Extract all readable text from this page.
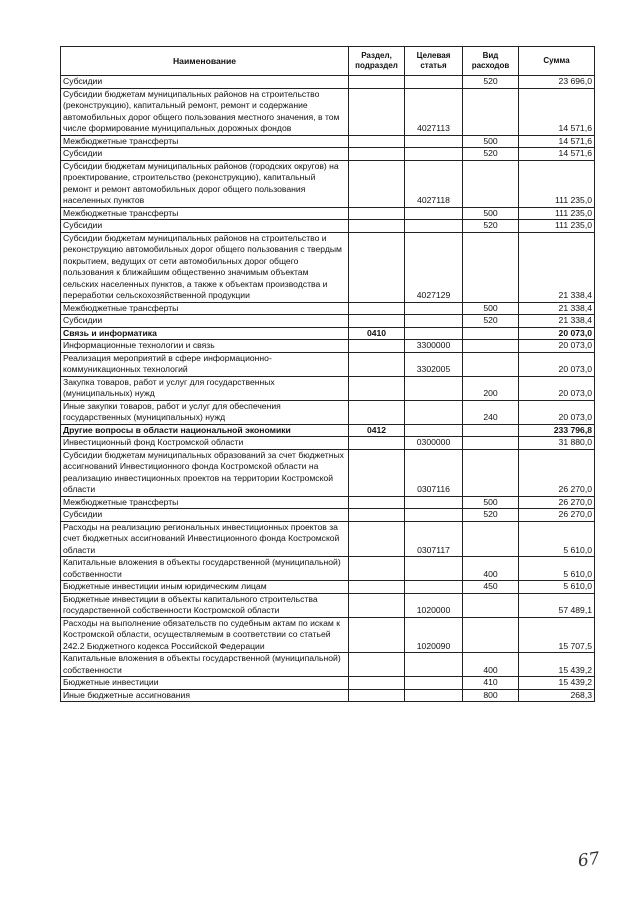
Наименование	Раздел, подраздел	Целевая статья	Вид расходов	Сумма
Субсидии			520	23 696,0
Субсидии бюджетам муниципальных районов на строительство (реконструкцию), капитальный ремонт, ремонт и содержание автомобильных дорог общего пользования местного значения, в том числе формирование муниципальных дорожных фондов		4027113		14 571,6
Межбюджетные трансферты			500	14 571,6
Субсидии			520	14 571,6
Субсидии бюджетам муниципальных районов (городских округов) на проектирование, строительство (реконструкцию), капитальный ремонт и ремонт автомобильных дорог общего пользования населенных пунктов		4027118		111 235,0
Межбюджетные трансферты			500	111 235,0
Субсидии			520	111 235,0
Субсидии бюджетам муниципальных районов на строительство и реконструкцию автомобильных дорог общего пользования с твердым покрытием, ведущих от сети автомобильных дорог общего пользования к ближайшим общественно значимым объектам сельских населенных пунктов, а также к объектам производства и переработки сельскохозяйственной продукции		4027129		21 338,4
Межбюджетные трансферты			500	21 338,4
Субсидии			520	21 338,4
Связь и информатика	0410			20 073,0
Информационные технологии и связь		3300000		20 073,0
Реализация мероприятий в сфере информационно-коммуникационных технологий		3302005		20 073,0
Закупка товаров, работ и услуг для государственных (муниципальных) нужд			200	20 073,0
Иные закупки товаров, работ и услуг для обеспечения государственных (муниципальных) нужд			240	20 073,0
Другие вопросы в области национальной экономики	0412			233 796,8
Инвестиционный фонд Костромской области		0300000		31 880,0
Субсидии бюджетам муниципальных образований за счет бюджетных ассигнований Инвестиционного фонда Костромской области на реализацию инвестиционных проектов на территории Костромской области		0307116		26 270,0
Межбюджетные трансферты			500	26 270,0
Субсидии			520	26 270,0
Расходы на реализацию региональных инвестиционных проектов за счет бюджетных ассигнований Инвестиционного фонда Костромской области		0307117		5 610,0
Капитальные вложения в объекты государственной (муниципальной) собственности			400	5 610,0
Бюджетные инвестиции иным юридическим лицам			450	5 610,0
Бюджетные инвестиции в объекты капитального строительства государственной собственности Костромской области		1020000		57 489,1
Расходы на выполнение обязательств по судебным актам по искам к Костромской области, осуществляемым в соответствии со статьей 242.2 Бюджетного кодекса Российской Федерации		1020090		15 707,5
Капитальные вложения в объекты государственной (муниципальной) собственности			400	15 439,2
Бюджетные инвестиции			410	15 439,2
Иные бюджетные ассигнования			800	268,3
67
